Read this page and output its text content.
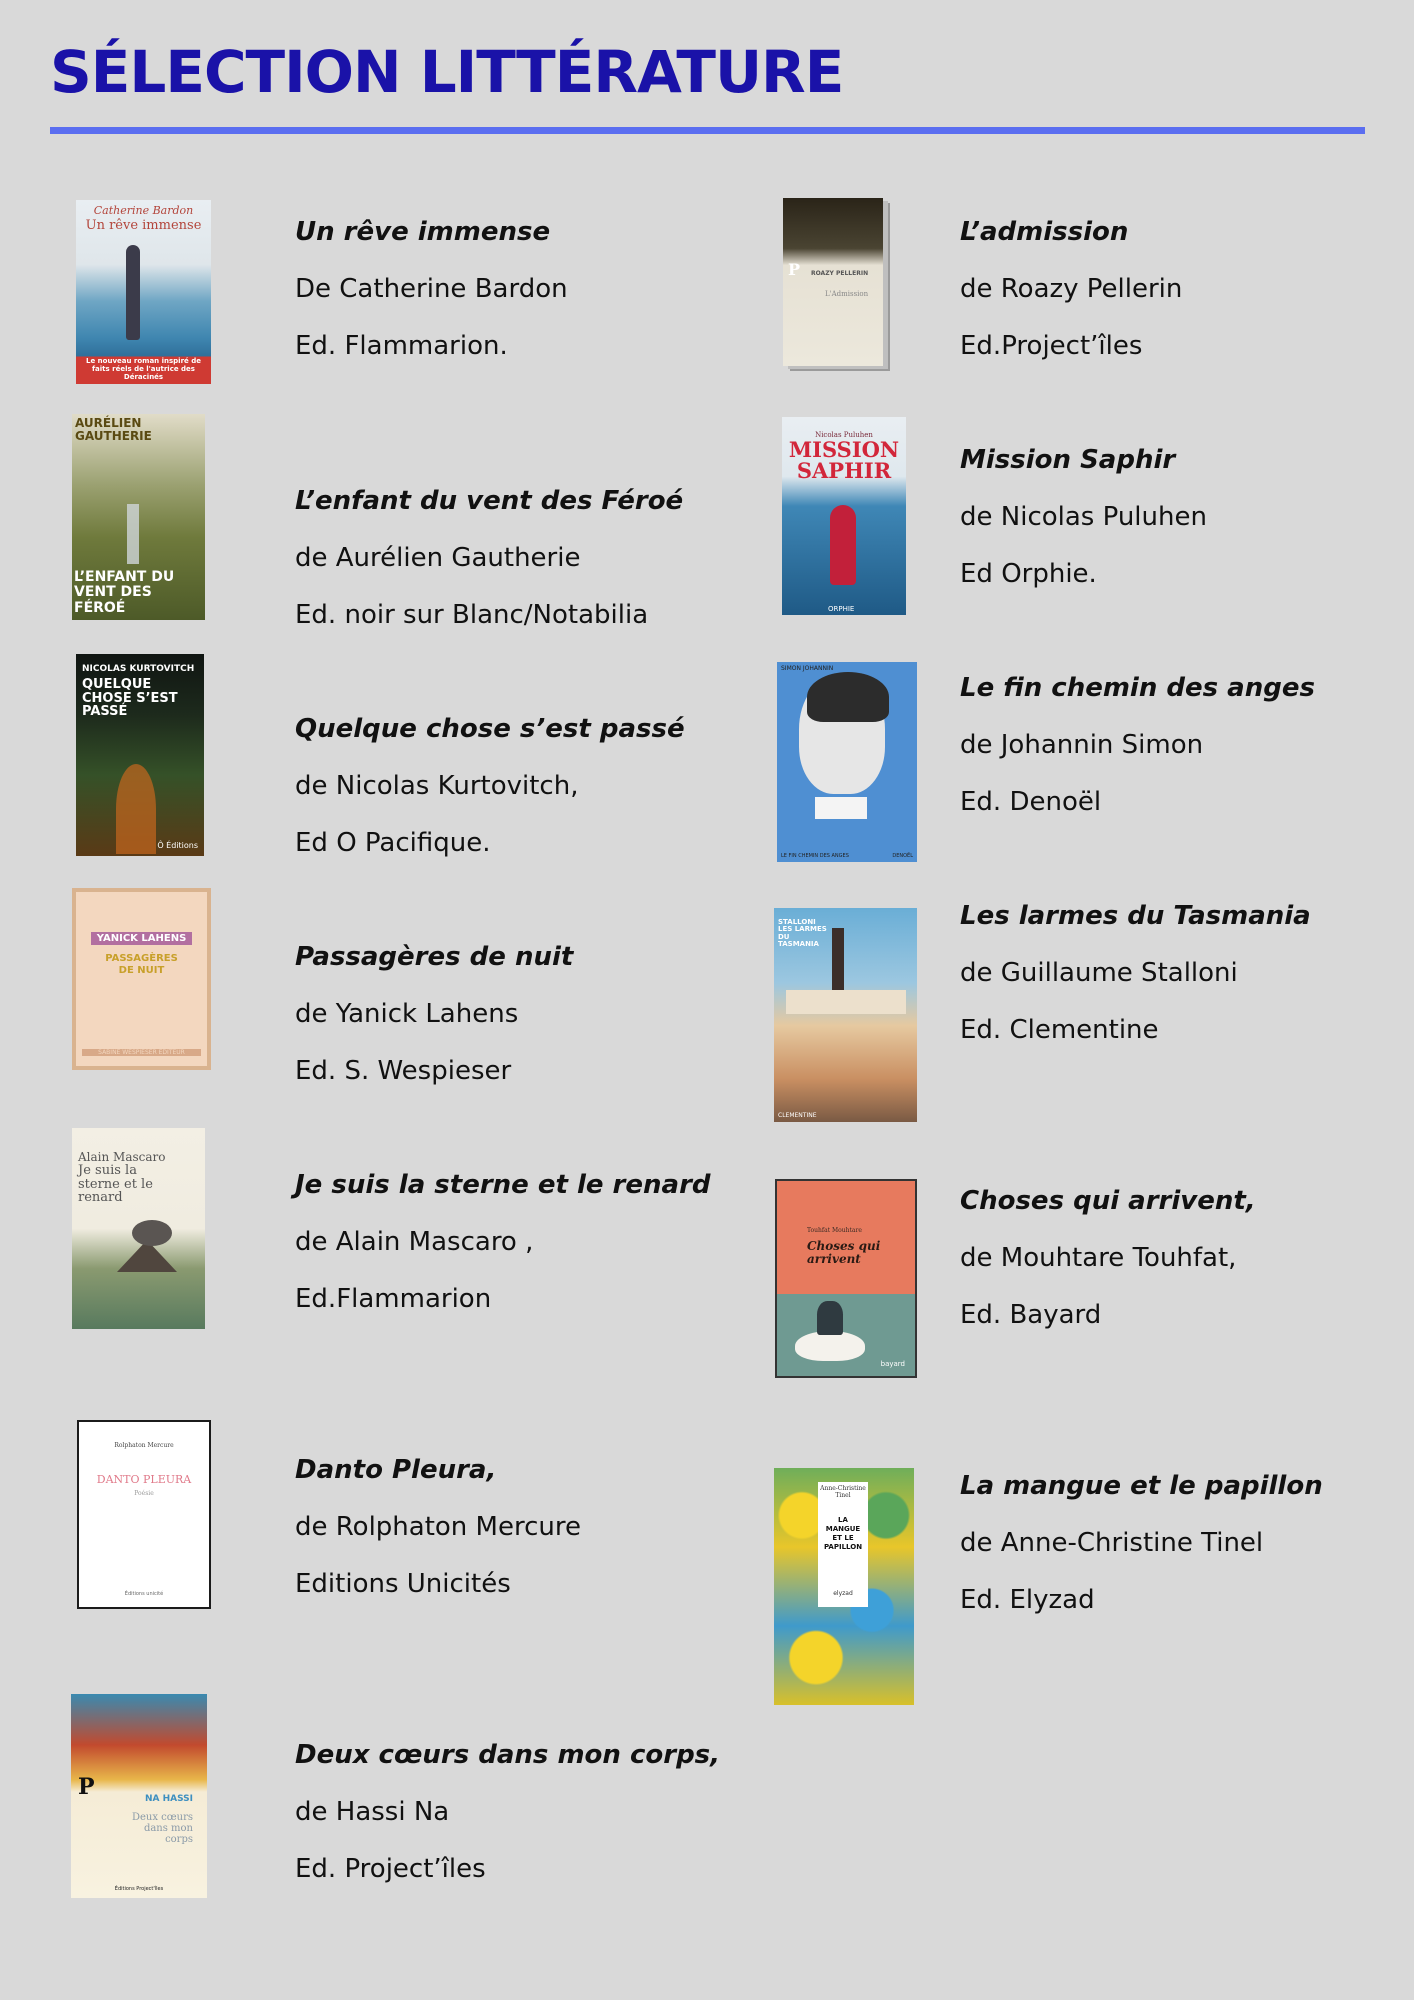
SÉLECTION LITTÉRATURE
Catherine Bardon
Un rêve immense
Le nouveau roman inspiré de faits réels de l'autrice des Déracinés
Un rêve immense
De Catherine Bardon
Ed. Flammarion.
AURÉLIEN GAUTHERIE
L’ENFANT DU VENT DES FÉROÉ
L’enfant du vent des Féroé
de Aurélien Gautherie
Ed. noir sur Blanc/Notabilia
NICOLAS KURTOVITCH
QUELQUE CHOSE S’EST PASSÉ
Ô Éditions
Quelque chose s’est passé
de Nicolas Kurtovitch,
Ed O Pacifique.
YANICK LAHENS
PASSAGÈRES DE NUIT
SABINE WESPIESER ÉDITEUR
Passagères de nuit
de Yanick Lahens
Ed. S. Wespieser
Alain Mascaro
Je suis la sterne et le renard	Je suis la sterne et le renard
de Alain Mascaro ,
Ed.Flammarion
Rolphaton Mercure
DANTO PLEURA
Poésie
Éditions unicité
Danto Pleura,
de Rolphaton Mercure
Editions Unicités
P	NA HASSI
Deux cœurs dans mon corps
Éditions Project'îles
Deux cœurs dans mon corps,
de Hassi Na
Ed. Project’îles
P ROAZY PELLERIN
L'Admission
L’admission
de Roazy Pellerin
Ed.Project’îles
Nicolas Puluhen
MISSION SAPHIR
ORPHIE
Mission Saphir
de Nicolas Puluhen
Ed Orphie.
SIMON JOHANNIN
LE FIN CHEMIN DES ANGES	DENOËL
Le fin chemin des anges
de Johannin Simon
Ed. Denoël
STALLONI
LES LARMES DU TASMANIA
CLEMENTINE
Les larmes du Tasmania
de Guillaume Stalloni
Ed. Clementine
Touhfat Mouhtare
Choses qui arrivent
bayard
Choses qui arrivent,
de Mouhtare Touhfat,
Ed. Bayard
Anne-Christine Tinel
LA MANGUE ET LE PAPILLON
elyzad
La mangue et le papillon
de Anne-Christine Tinel
Ed. Elyzad
